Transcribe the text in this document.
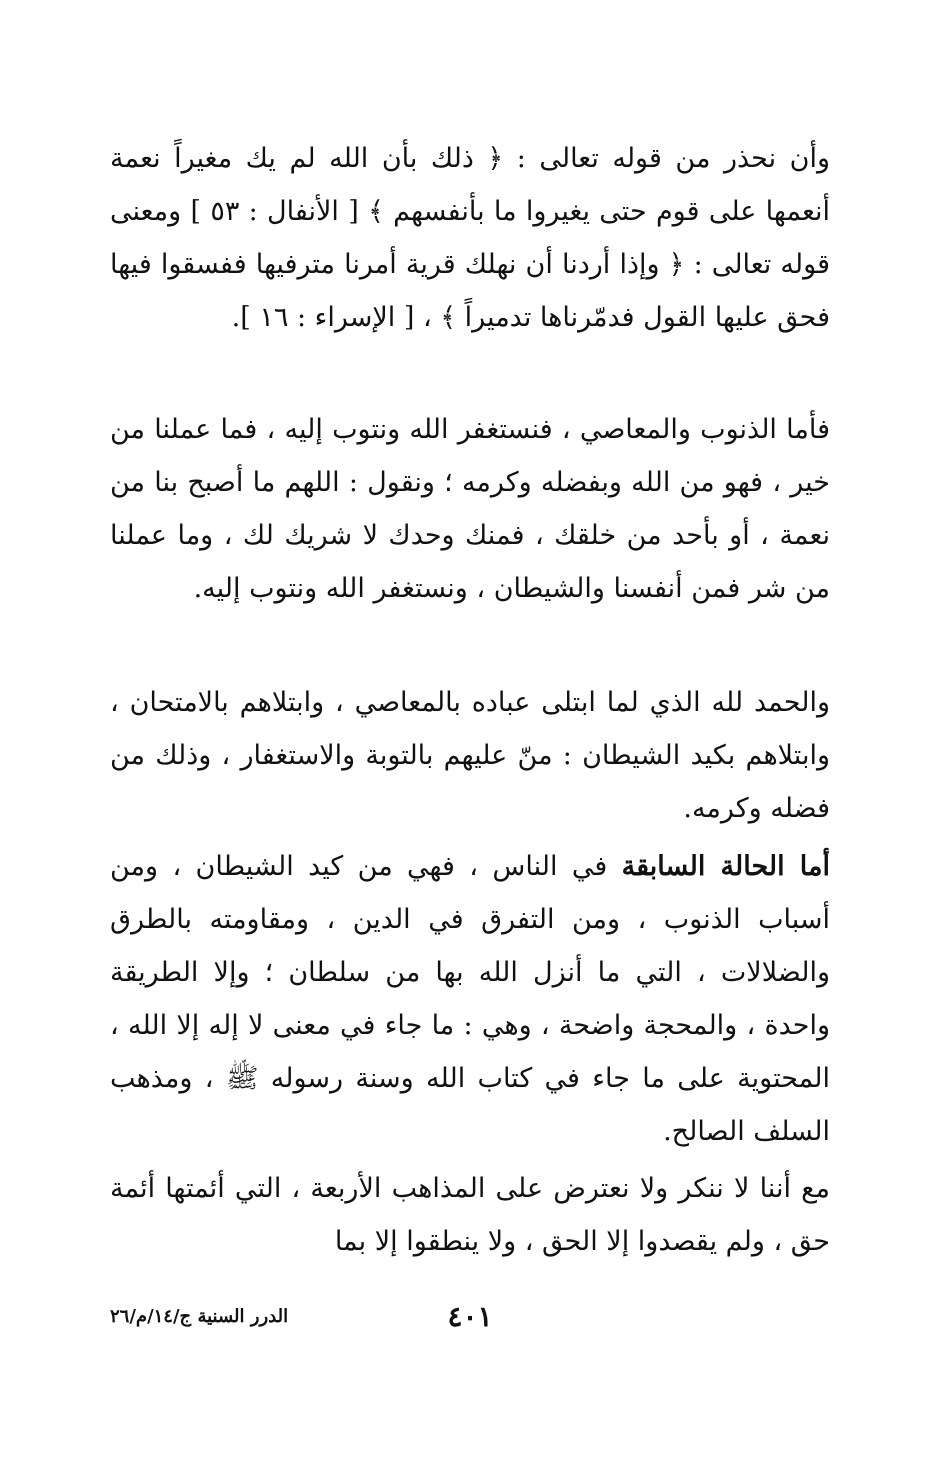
وأن نحذر من قوله تعالى : ﴿ ذلك بأن الله لم يك مغيراً نعمة أنعمها على قوم حتى يغيروا ما بأنفسهم ﴾ [ الأنفال : ٥٣ ] ومعنى قوله تعالى : ﴿ وإذا أردنا أن نهلك قرية أمرنا مترفيها ففسقوا فيها فحق عليها القول فدمّرناها تدميراً ﴾ ، [ الإسراء : ١٦ ].

فأما الذنوب والمعاصي ، فنستغفر الله ونتوب إليه ، فما عملنا من خير ، فهو من الله وبفضله وكرمه ؛ ونقول : اللهم ما أصبح بنا من نعمة ، أو بأحد من خلقك ، فمنك وحدك لا شريك لك ، وما عملنا من شر فمن أنفسنا والشيطان ، ونستغفر الله ونتوب إليه.

والحمد لله الذي لما ابتلى عباده بالمعاصي ، وابتلاهم بالامتحان ، وابتلاهم بكيد الشيطان : منّ عليهم بالتوبة والاستغفار ، وذلك من فضله وكرمه.

أما الحالة السابقة في الناس ، فهي من كيد الشيطان ، ومن أسباب الذنوب ، ومن التفرق في الدين ، ومقاومته بالطرق والضلالات ، التي ما أنزل الله بها من سلطان ؛ وإلا الطريقة واحدة ، والمحجة واضحة ، وهي : ما جاء في معنى لا إله إلا الله ، المحتوية على ما جاء في كتاب الله وسنة رسوله ﷺ ، ومذهب السلف الصالح.

مع أننا لا ننكر ولا نعترض على المذاهب الأربعة ، التي أئمتها أئمة حق ، ولم يقصدوا إلا الحق ، ولا ينطقوا إلا بما

٤٠١
الدرر السنية ج/١٤/م/٢٦
